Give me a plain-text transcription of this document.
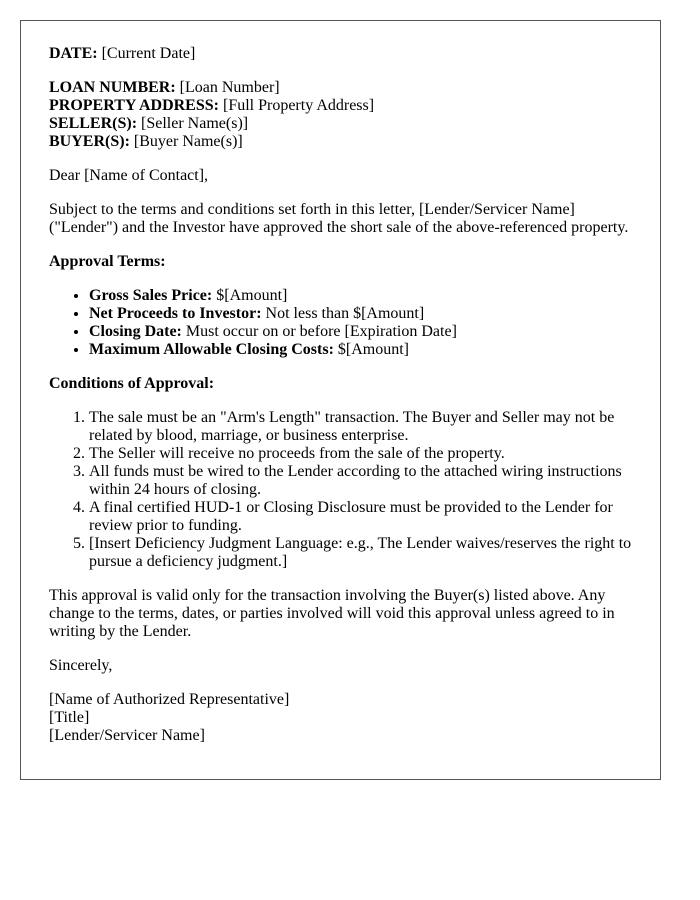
DATE: [Current Date]

LOAN NUMBER: [Loan Number]

PROPERTY ADDRESS: [Full Property Address]

SELLER(S): [Seller Name(s)]

BUYER(S): [Buyer Name(s)]

Dear [Name of Contact],

Subject to the terms and conditions set forth in this letter, [Lender/Servicer Name] ("Lender") and the Investor have approved the short sale of the above-referenced property.

Approval Terms:

• Gross Sales Price: $[Amount]
• Net Proceeds to Investor: Not less than $[Amount]
• Closing Date: Must occur on or before [Expiration Date]
• Maximum Allowable Closing Costs: $[Amount]

Conditions of Approval:

1. The sale must be an "Arm's Length" transaction. The Buyer and Seller may not be related by blood, marriage, or business enterprise.
2. The Seller will receive no proceeds from the sale of the property.
3. All funds must be wired to the Lender according to the attached wiring instructions within 24 hours of closing.
4. A final certified HUD-1 or Closing Disclosure must be provided to the Lender for review prior to funding.
5. [Insert Deficiency Judgment Language: e.g., The Lender waives/reserves the right to pursue a deficiency judgment.]

This approval is valid only for the transaction involving the Buyer(s) listed above. Any change to the terms, dates, or parties involved will void this approval unless agreed to in writing by the Lender.

Sincerely,

[Name of Authorized Representative]

[Title]

[Lender/Servicer Name]
